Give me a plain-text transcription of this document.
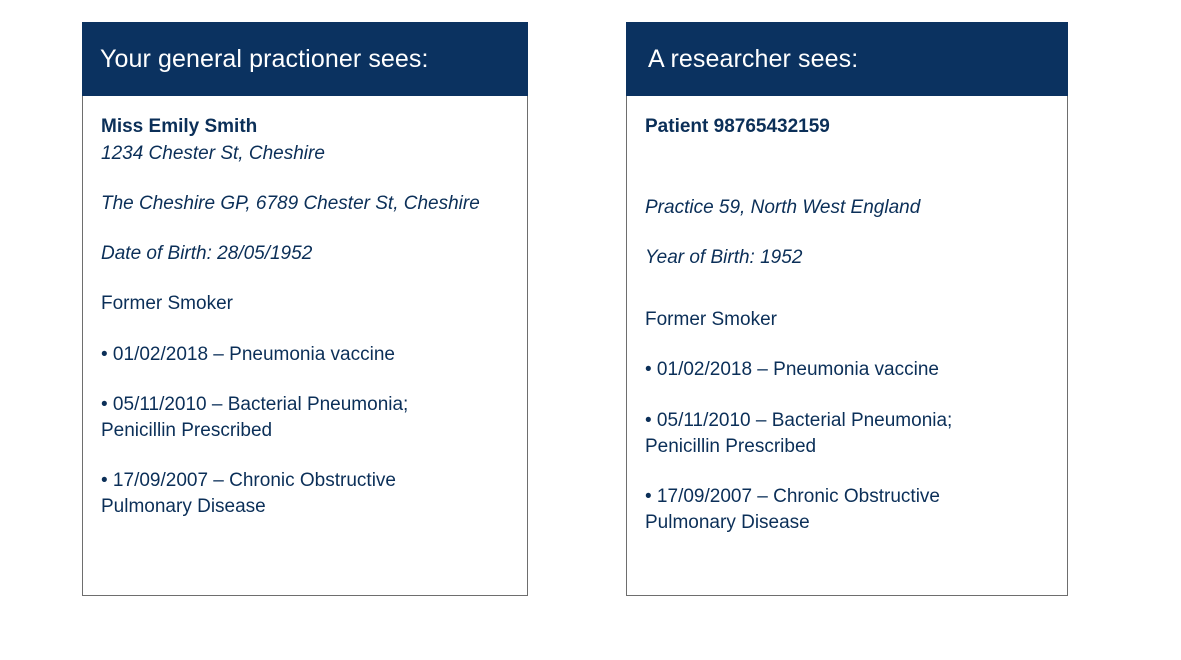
Your general practioner sees:
Miss Emily Smith
1234 Chester St, Cheshire
The Cheshire GP, 6789 Chester St, Cheshire
Date of Birth: 28/05/1952
Former Smoker
• 01/02/2018 – Pneumonia vaccine
• 05/11/2010 – Bacterial Pneumonia;
Penicillin Prescribed
• 17/09/2007 – Chronic Obstructive
Pulmonary Disease
A researcher sees:
Patient 98765432159
Practice 59, North West England
Year of Birth: 1952
Former Smoker
• 01/02/2018 – Pneumonia vaccine
• 05/11/2010 – Bacterial Pneumonia;
Penicillin Prescribed
• 17/09/2007 – Chronic Obstructive
Pulmonary Disease
